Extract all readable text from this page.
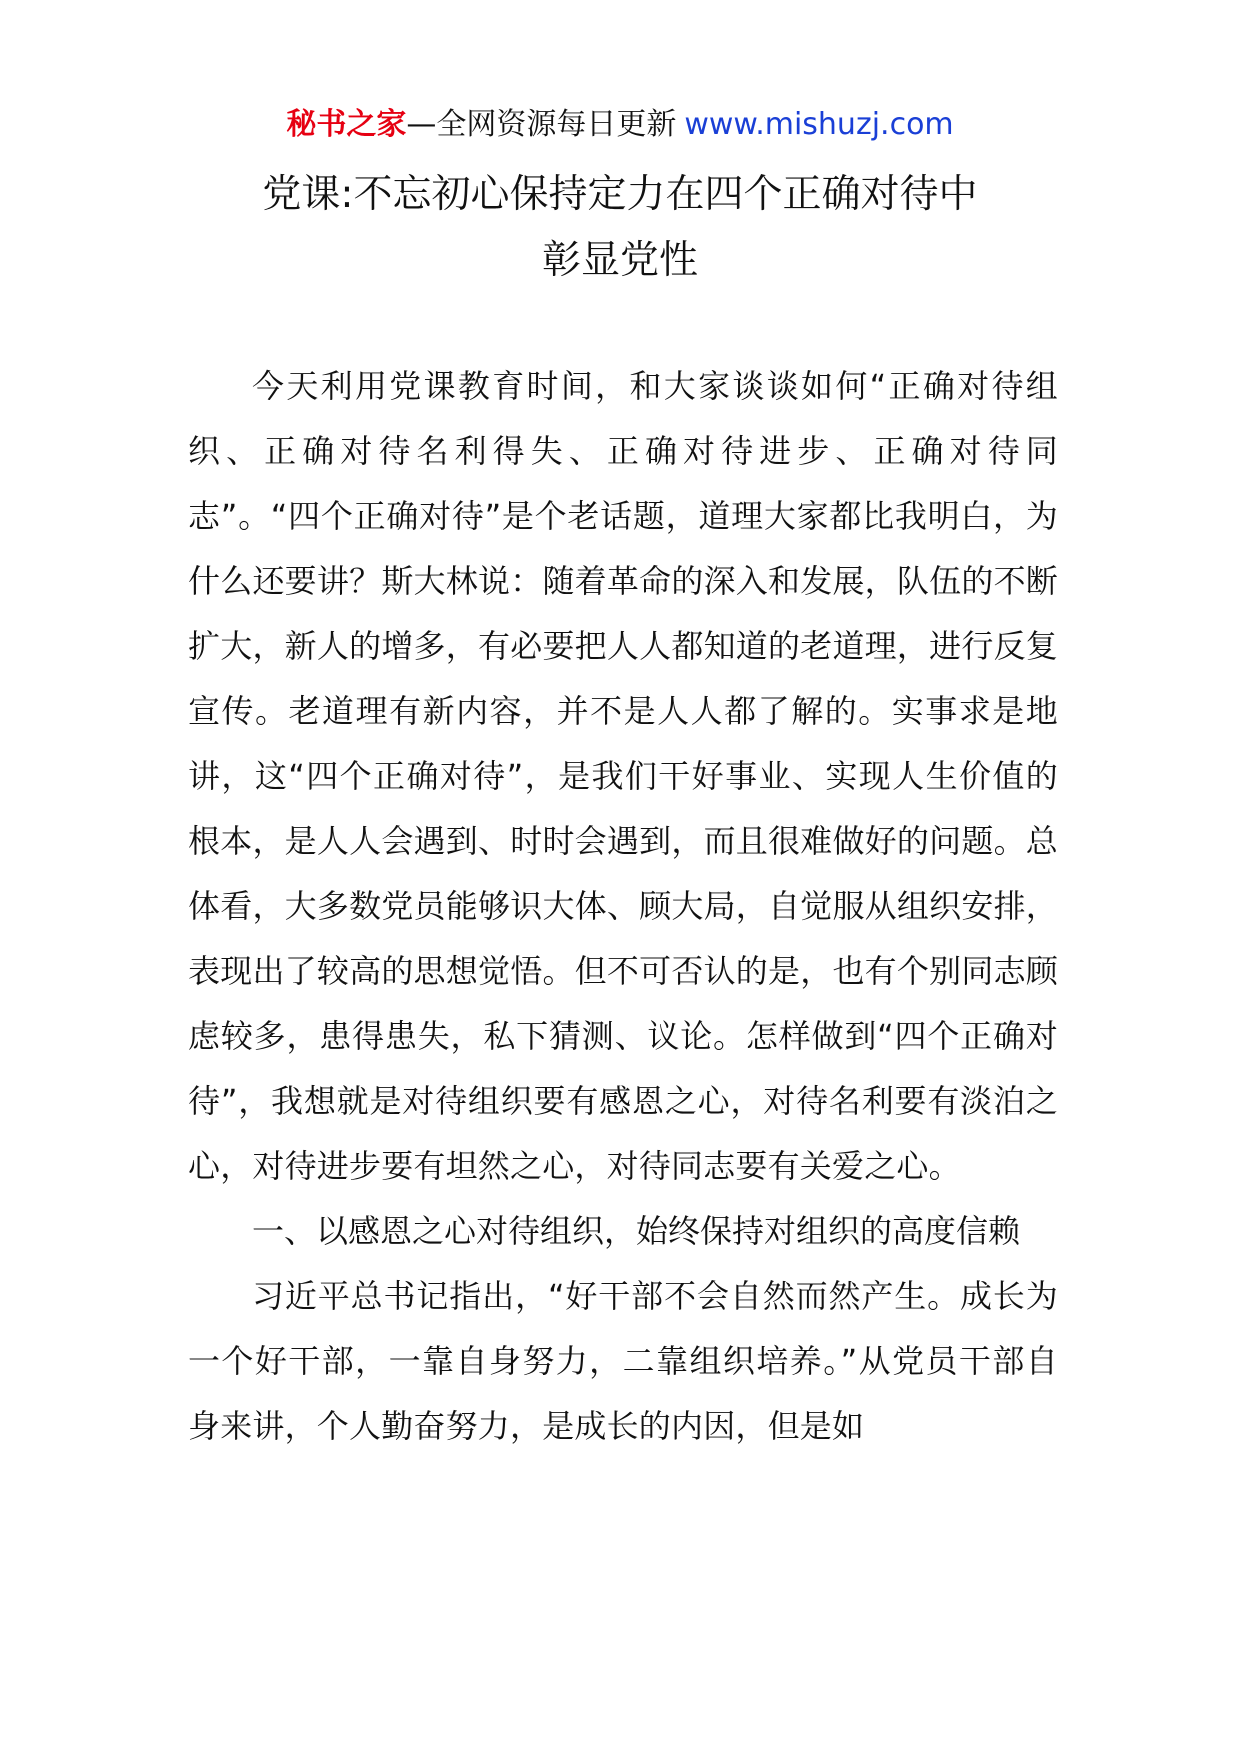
秘书之家—全网资源每日更新 www.mishuzj.com
党课:不忘初心保持定力在四个正确对待中
彰显党性

今天利用党课教育时间，和大家谈谈如何“正确对待组织、正确对待名利得失、正确对待进步、正确对待同志”。“四个正确对待”是个老话题，道理大家都比我明白，为什么还要讲？斯大林说：随着革命的深入和发展，队伍的不断扩大，新人的增多，有必要把人人都知道的老道理，进行反复宣传。老道理有新内容，并不是人人都了解的。实事求是地讲，这“四个正确对待”，是我们干好事业、实现人生价值的根本，是人人会遇到、时时会遇到，而且很难做好的问题。总体看，大多数党员能够识大体、顾大局，自觉服从组织安排，表现出了较高的思想觉悟。但不可否认的是，也有个别同志顾虑较多，患得患失，私下猜测、议论。怎样做到“四个正确对待”，我想就是对待组织要有感恩之心，对待名利要有淡泊之心，对待进步要有坦然之心，对待同志要有关爱之心。

一、以感恩之心对待组织，始终保持对组织的高度信赖

习近平总书记指出，“好干部不会自然而然产生。成长为一个好干部，一靠自身努力，二靠组织培养。”从党员干部自身来讲，个人勤奋努力，是成长的内因，但是如
